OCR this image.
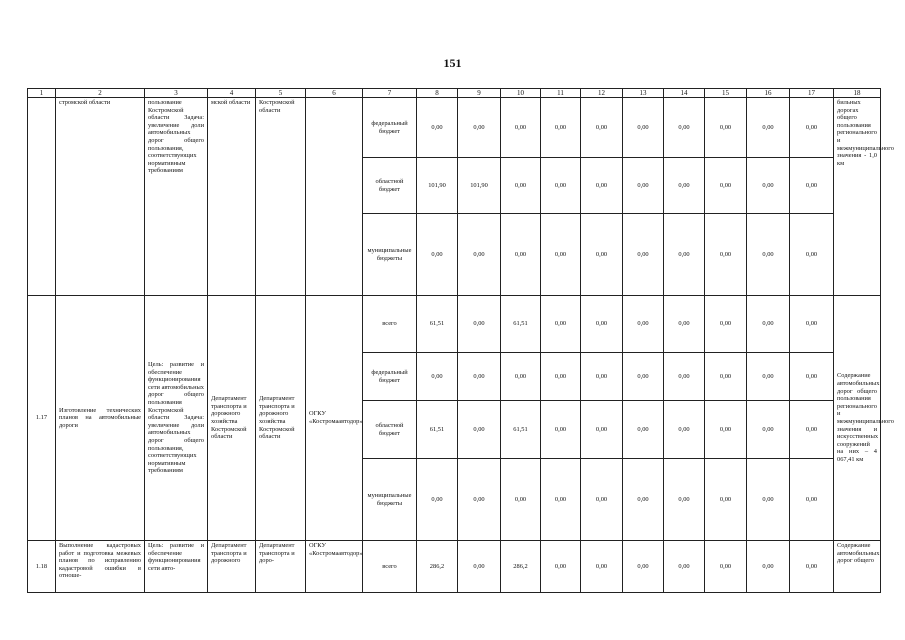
151
1	2	3	4	5	6	7	8	9	10	11	12	13	14	15	16	17	18
	стромской области	пользование Костромской области Задача: увеличение доли автомобильных дорог общего пользования, соответствующих нормативным требованиям	мской области	Костромской области		федеральный бюджет	0,00	0,00	0,00	0,00	0,00	0,00	0,00	0,00	0,00	0,00	бильных дорогах общего пользования регионального и межмуниципального значения - 1,0 км
						областной бюджет	101,90	101,90	0,00	0,00	0,00	0,00	0,00	0,00	0,00	0,00	
						муниципальные бюджеты	0,00	0,00	0,00	0,00	0,00	0,00	0,00	0,00	0,00	0,00	
1.17	Изготовление технических планов на автомобильные дороги	Цель: развитие и обеспечение функционирования сети автомобильных дорог общего пользования Костромской области Задача: увеличение доли автомобильных дорог общего пользования, соответствующих нормативным требованиям	Департамент транспорта и дорожного хозяйства Костромской области	Департамент транспорта и дорожного хозяйства Костромской области	ОГКУ «Костромаавтодор»	всего	61,51	0,00	61,51	0,00	0,00	0,00	0,00	0,00	0,00	0,00	Содержание автомобильных дорог общего пользования регионального и межмуниципального значения и искусственных сооружений на них – 4 067,41 км
						федеральный бюджет	0,00	0,00	0,00	0,00	0,00	0,00	0,00	0,00	0,00	0,00	
						областной бюджет	61,51	0,00	61,51	0,00	0,00	0,00	0,00	0,00	0,00	0,00	
						муниципальные бюджеты	0,00	0,00	0,00	0,00	0,00	0,00	0,00	0,00	0,00	0,00	
1.18	Выполнение кадастровых работ и подготовка межевых планов по исправлению кадастровой ошибки в отноше-	Цель: развитие и обеспечение функционирования сети авто-	Департамент транспорта и дорожного	Департамент транспорта и доро-	ОГКУ «Костромаавтодор»	всего	286,2	0,00	286,2	0,00	0,00	0,00	0,00	0,00	0,00	0,00	Содержание автомобильных дорог общего
